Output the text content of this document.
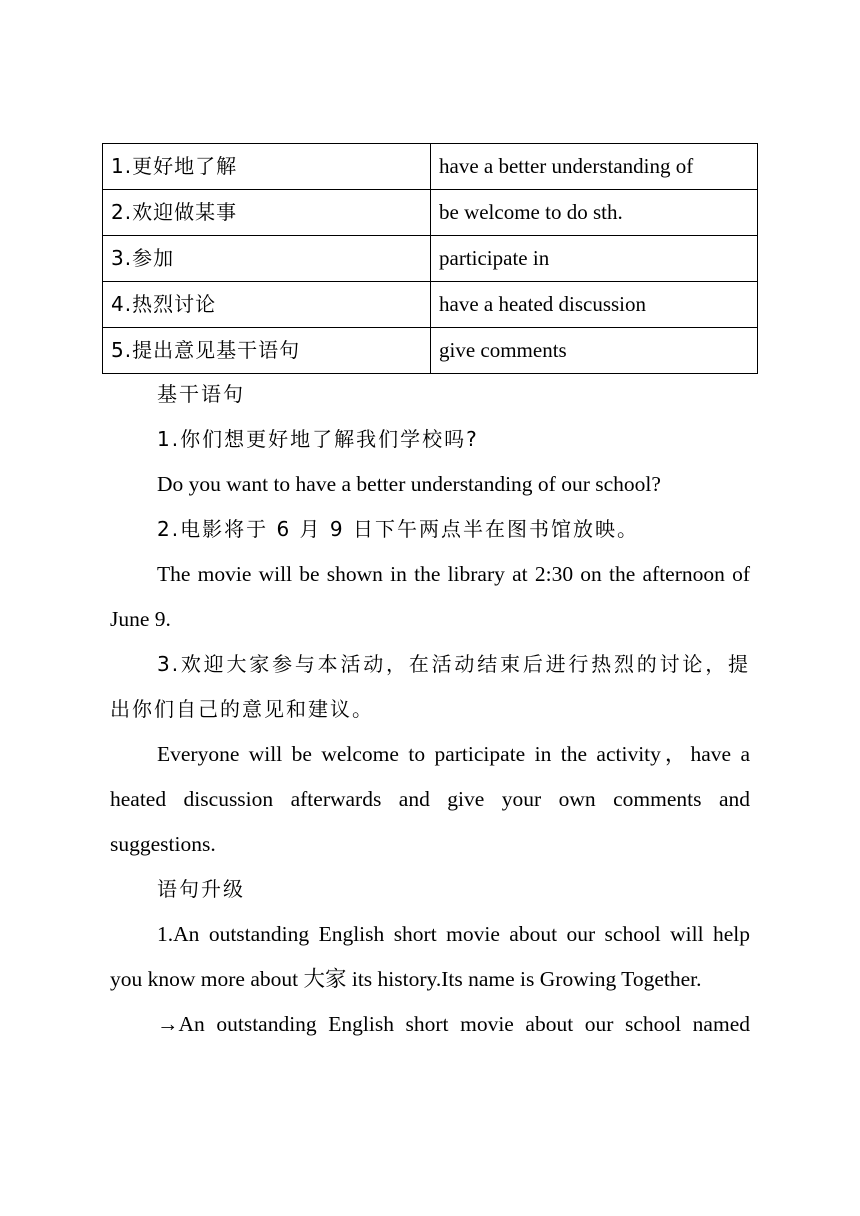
1.更好地了解	have a better understanding of
2.欢迎做某事	be welcome to do sth.
3.参加	participate in
4.热烈讨论	have a heated discussion
5.提出意见基干语句	give comments

基干语句

1.你们想更好地了解我们学校吗?

Do you want to have a better understanding of our school?

2.电影将于 6 月 9 日下午两点半在图书馆放映。

The movie will be shown in the library at 2:30 on the afternoon of June 9.

3.欢迎大家参与本活动，在活动结束后进行热烈的讨论，提出你们自己的意见和建议。

Everyone will be welcome to participate in the activity，have a heated discussion afterwards and give your own comments and suggestions.

语句升级

1.An outstanding English short movie about our school will help you know more about 大家 its history.Its name is Growing Together.

→An outstanding English short movie about our school named
